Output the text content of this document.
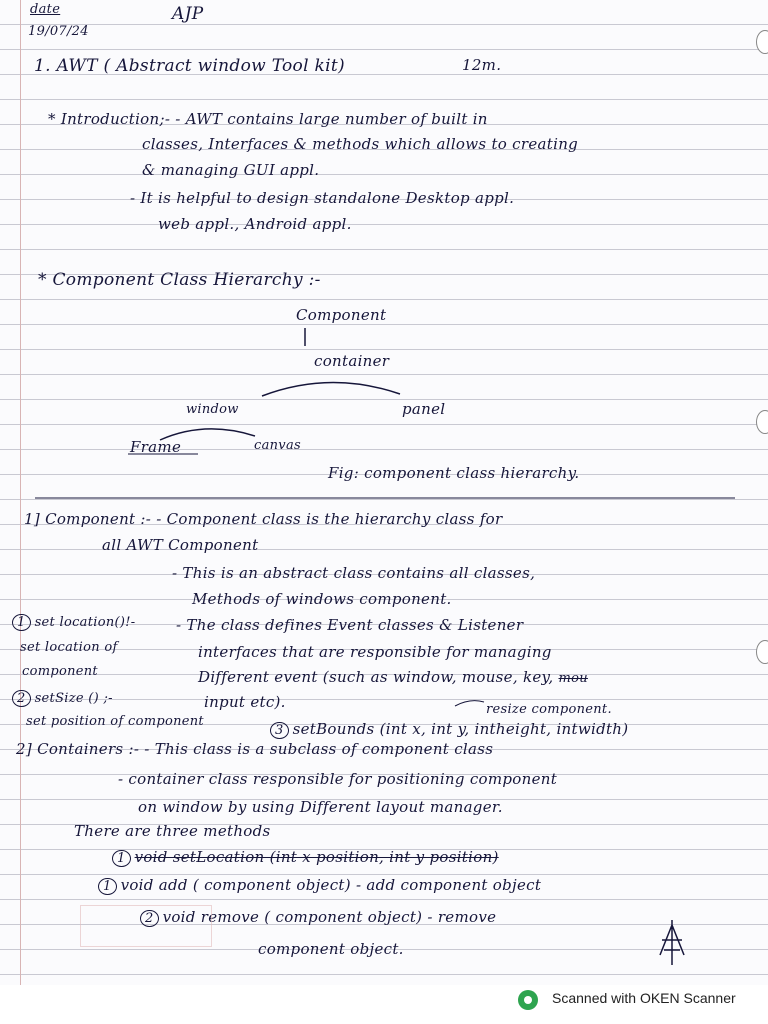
date
19/07/24
AJP
1. AWT ( Abstract window Tool kit)	12m.
* Introduction;- - AWT contains large number of built in
classes, Interfaces & methods which allows to creating
& managing GUI appl.
- It is helpful to design standalone Desktop appl.
web appl., Android appl.
* Component Class Hierarchy :-
Component
container
window	panel
Frame	canvas
Fig: component class hierarchy.
1] Component :- - Component class is the hierarchy class for
all AWT Component
- This is an abstract class contains all classes,
Methods of windows component.
1 set location()!-
set location of
component
- The class defines Event classes & Listener
interfaces that are responsible for managing
Different event (such as window, mouse, key, mou
input etc).
2 setSize () ;-
set position of component
resize component.
3 setBounds (int x, int y, intheight, intwidth)
2] Containers :- - This class is a subclass of component class
- container class responsible for positioning component
on window by using Different layout manager.
There are three methods
1 void setLocation (int x position, int y position)
1 void add ( component object) - add component object
2 void remove ( component object) - remove
component object.
Scanned with OKEN Scanner
